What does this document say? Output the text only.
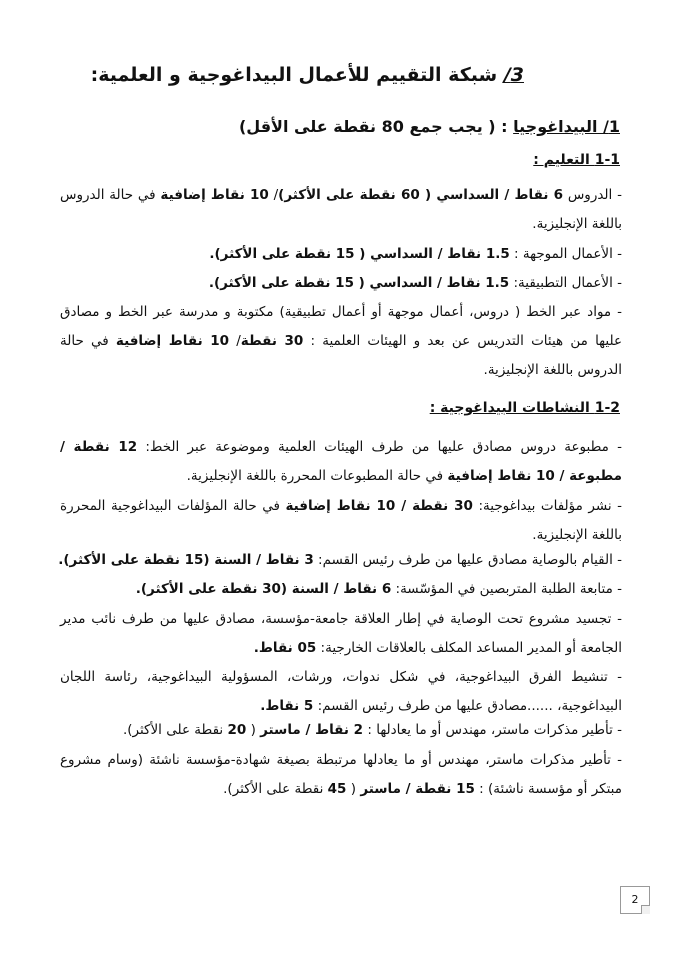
3/ شبكة التقييم للأعمال البيداغوجية و العلمية:
1/ البيداغوجيا : ( يجب جمع 80 نقطة على الأقل)
1-1 التعليم :
- الدروس 6 نقاط / السداسي ( 60 نقطة على الأكثر)/ 10 نقاط إضافية في حالة الدروس باللغة الإنجليزية.
- الأعمال الموجهة : 1.5 نقاط / السداسي ( 15 نقطة على الأكثر).
- الأعمال التطبيقية: 1.5 نقاط / السداسي ( 15 نقطة على الأكثر).
- مواد عبر الخط ( دروس، أعمال موجهة أو أعمال تطبيقية) مكتوبة و مدرسة عبر الخط و مصادق عليها من هيئات التدريس عن بعد و الهيئات العلمية : 30 نقطة/ 10 نقاط إضافية في حالة الدروس باللغة الإنجليزية.
1-2 النشاطات البيداغوجية :
- مطبوعة دروس مصادق عليها من طرف الهيئات العلمية وموضوعة عبر الخط: 12 نقطة / مطبوعة / 10 نقاط إضافية في حالة المطبوعات المحررة باللغة الإنجليزية.
- نشر مؤلفات بيداغوجية: 30 نقطة / 10 نقاط إضافية في حالة المؤلفات البيداغوجية المحررة باللغة الإنجليزية.
- القيام بالوصاية مصادق عليها من طرف رئيس القسم: 3 نقاط / السنة (15 نقطة على الأكثر).
- متابعة الطلبة المتربصين في المؤسّسة: 6 نقاط / السنة (30 نقطة على الأكثر).
- تجسيد مشروع تحت الوصاية في إطار العلاقة جامعة-مؤسسة، مصادق عليها من طرف نائب مدير الجامعة أو المدير المساعد المكلف بالعلاقات الخارجية: 05 نقاط.
- تنشيط الفرق البيداغوجية، في شكل ندوات، ورشات، المسؤولية البيداغوجية، رئاسة اللجان البيداغوجية، ......مصادق عليها من طرف رئيس القسم: 5 نقاط.
- تأطير مذكرات ماستر، مهندس أو ما يعادلها : 2 نقاط / ماستر ( 20 نقطة على الأكثر).
- تأطير مذكرات ماستر، مهندس أو ما يعادلها مرتبطة بصيغة شهادة-مؤسسة ناشئة (وسام مشروع مبتكر أو مؤسسة ناشئة) : 15 نقطة / ماستر ( 45 نقطة على الأكثر).
2
